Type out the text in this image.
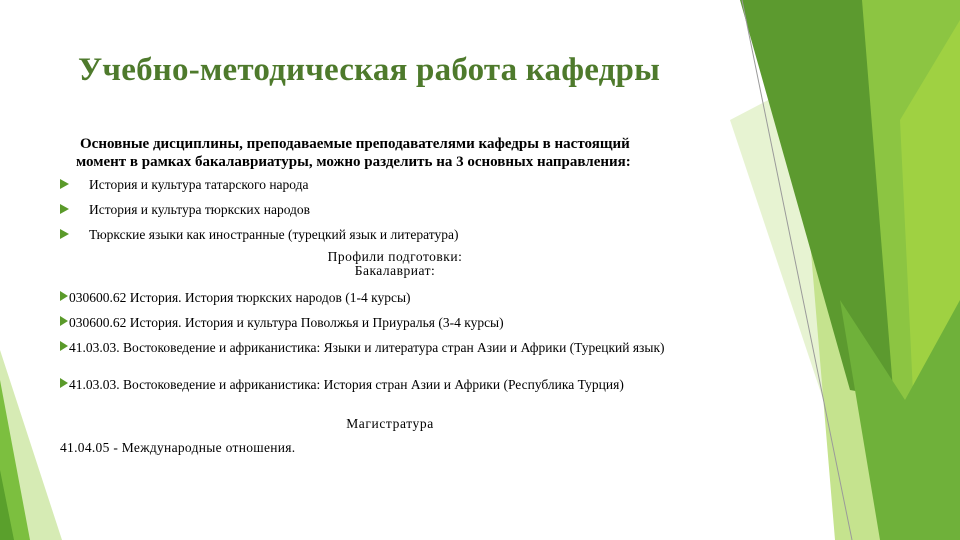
Учебно-методическая работа кафедры
Основные дисциплины, преподаваемые преподавателями кафедры в настоящий
момент в рамках бакалавриатуры, можно разделить на 3 основных направления:
История и культура татарского народа
История и культура тюркских народов
Тюркские языки как иностранные (турецкий язык и литература)
Профили подготовки:
Бакалавриат:
030600.62 История. История тюркских народов (1-4 курсы)
030600.62 История. История и культура Поволжья и Приуралья (3-4 курсы)
41.03.03. Востоковедение и африканистика: Языки и литература стран Азии и Африки (Турецкий язык)
41.03.03. Востоковедение и африканистика: История стран Азии и Африки (Республика Турция)
Магистратура
41.04.05 - Международные отношения.
